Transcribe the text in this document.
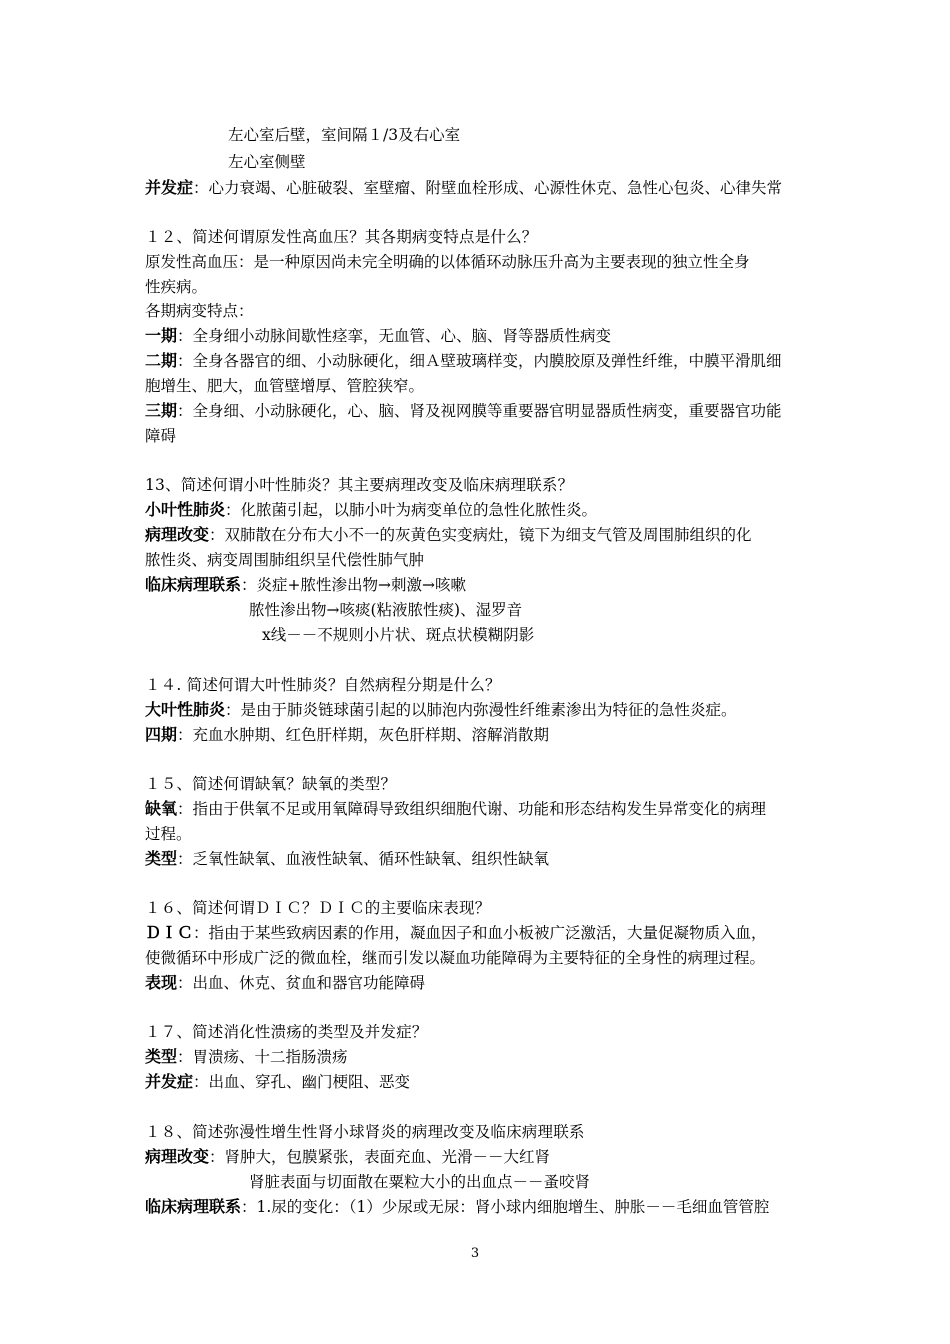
左心室后壁，室间隔１/3及右心室
左心室侧壁
并发症：心力衰竭、心脏破裂、室壁瘤、附壁血栓形成、心源性休克、急性心包炎、心律失常
１２、简述何谓原发性高血压？其各期病变特点是什么？
原发性高血压：是一种原因尚未完全明确的以体循环动脉压升高为主要表现的独立性全身
性疾病。
各期病变特点：
一期：全身细小动脉间歇性痉挛，无血管、心、脑、肾等器质性病变
二期：全身各器官的细、小动脉硬化，细Ａ壁玻璃样变，内膜胶原及弹性纤维，中膜平滑肌细
胞增生、肥大，血管壁增厚、管腔狭窄。
三期：全身细、小动脉硬化，心、脑、肾及视网膜等重要器官明显器质性病变，重要器官功能
障碍
13、简述何谓小叶性肺炎？其主要病理改变及临床病理联系？
小叶性肺炎：化脓菌引起，以肺小叶为病变单位的急性化脓性炎。
病理改变：双肺散在分布大小不一的灰黄色实变病灶，镜下为细支气管及周围肺组织的化
脓性炎、病变周围肺组织呈代偿性肺气肿
临床病理联系：炎症+脓性渗出物→刺激→咳嗽
脓性渗出物→咳痰(粘液脓性痰)、湿罗音
x线－－不规则小片状、斑点状模糊阴影
１４. 简述何谓大叶性肺炎？自然病程分期是什么？
大叶性肺炎：是由于肺炎链球菌引起的以肺泡内弥漫性纤维素渗出为特征的急性炎症。
四期：充血水肿期、红色肝样期，灰色肝样期、溶解消散期
１５、简述何谓缺氧？缺氧的类型？
缺氧：指由于供氧不足或用氧障碍导致组织细胞代谢、功能和形态结构发生异常变化的病理
过程。
类型：乏氧性缺氧、血液性缺氧、循环性缺氧、组织性缺氧
１６、简述何谓ＤＩＣ？ＤＩＣ的主要临床表现？
ＤＩＣ：指由于某些致病因素的作用，凝血因子和血小板被广泛激活，大量促凝物质入血，
使微循环中形成广泛的微血栓，继而引发以凝血功能障碍为主要特征的全身性的病理过程。
表现：出血、休克、贫血和器官功能障碍
１７、简述消化性溃疡的类型及并发症？
类型：胃溃疡、十二指肠溃疡
并发症：出血、穿孔、幽门梗阻、恶变
１８、简述弥漫性增生性肾小球肾炎的病理改变及临床病理联系
病理改变：肾肿大，包膜紧张，表面充血、光滑－－大红肾
肾脏表面与切面散在粟粒大小的出血点－－蚤咬肾
临床病理联系：1.尿的变化：（1）少尿或无尿：肾小球内细胞增生、肿胀－－毛细血管管腔
3
